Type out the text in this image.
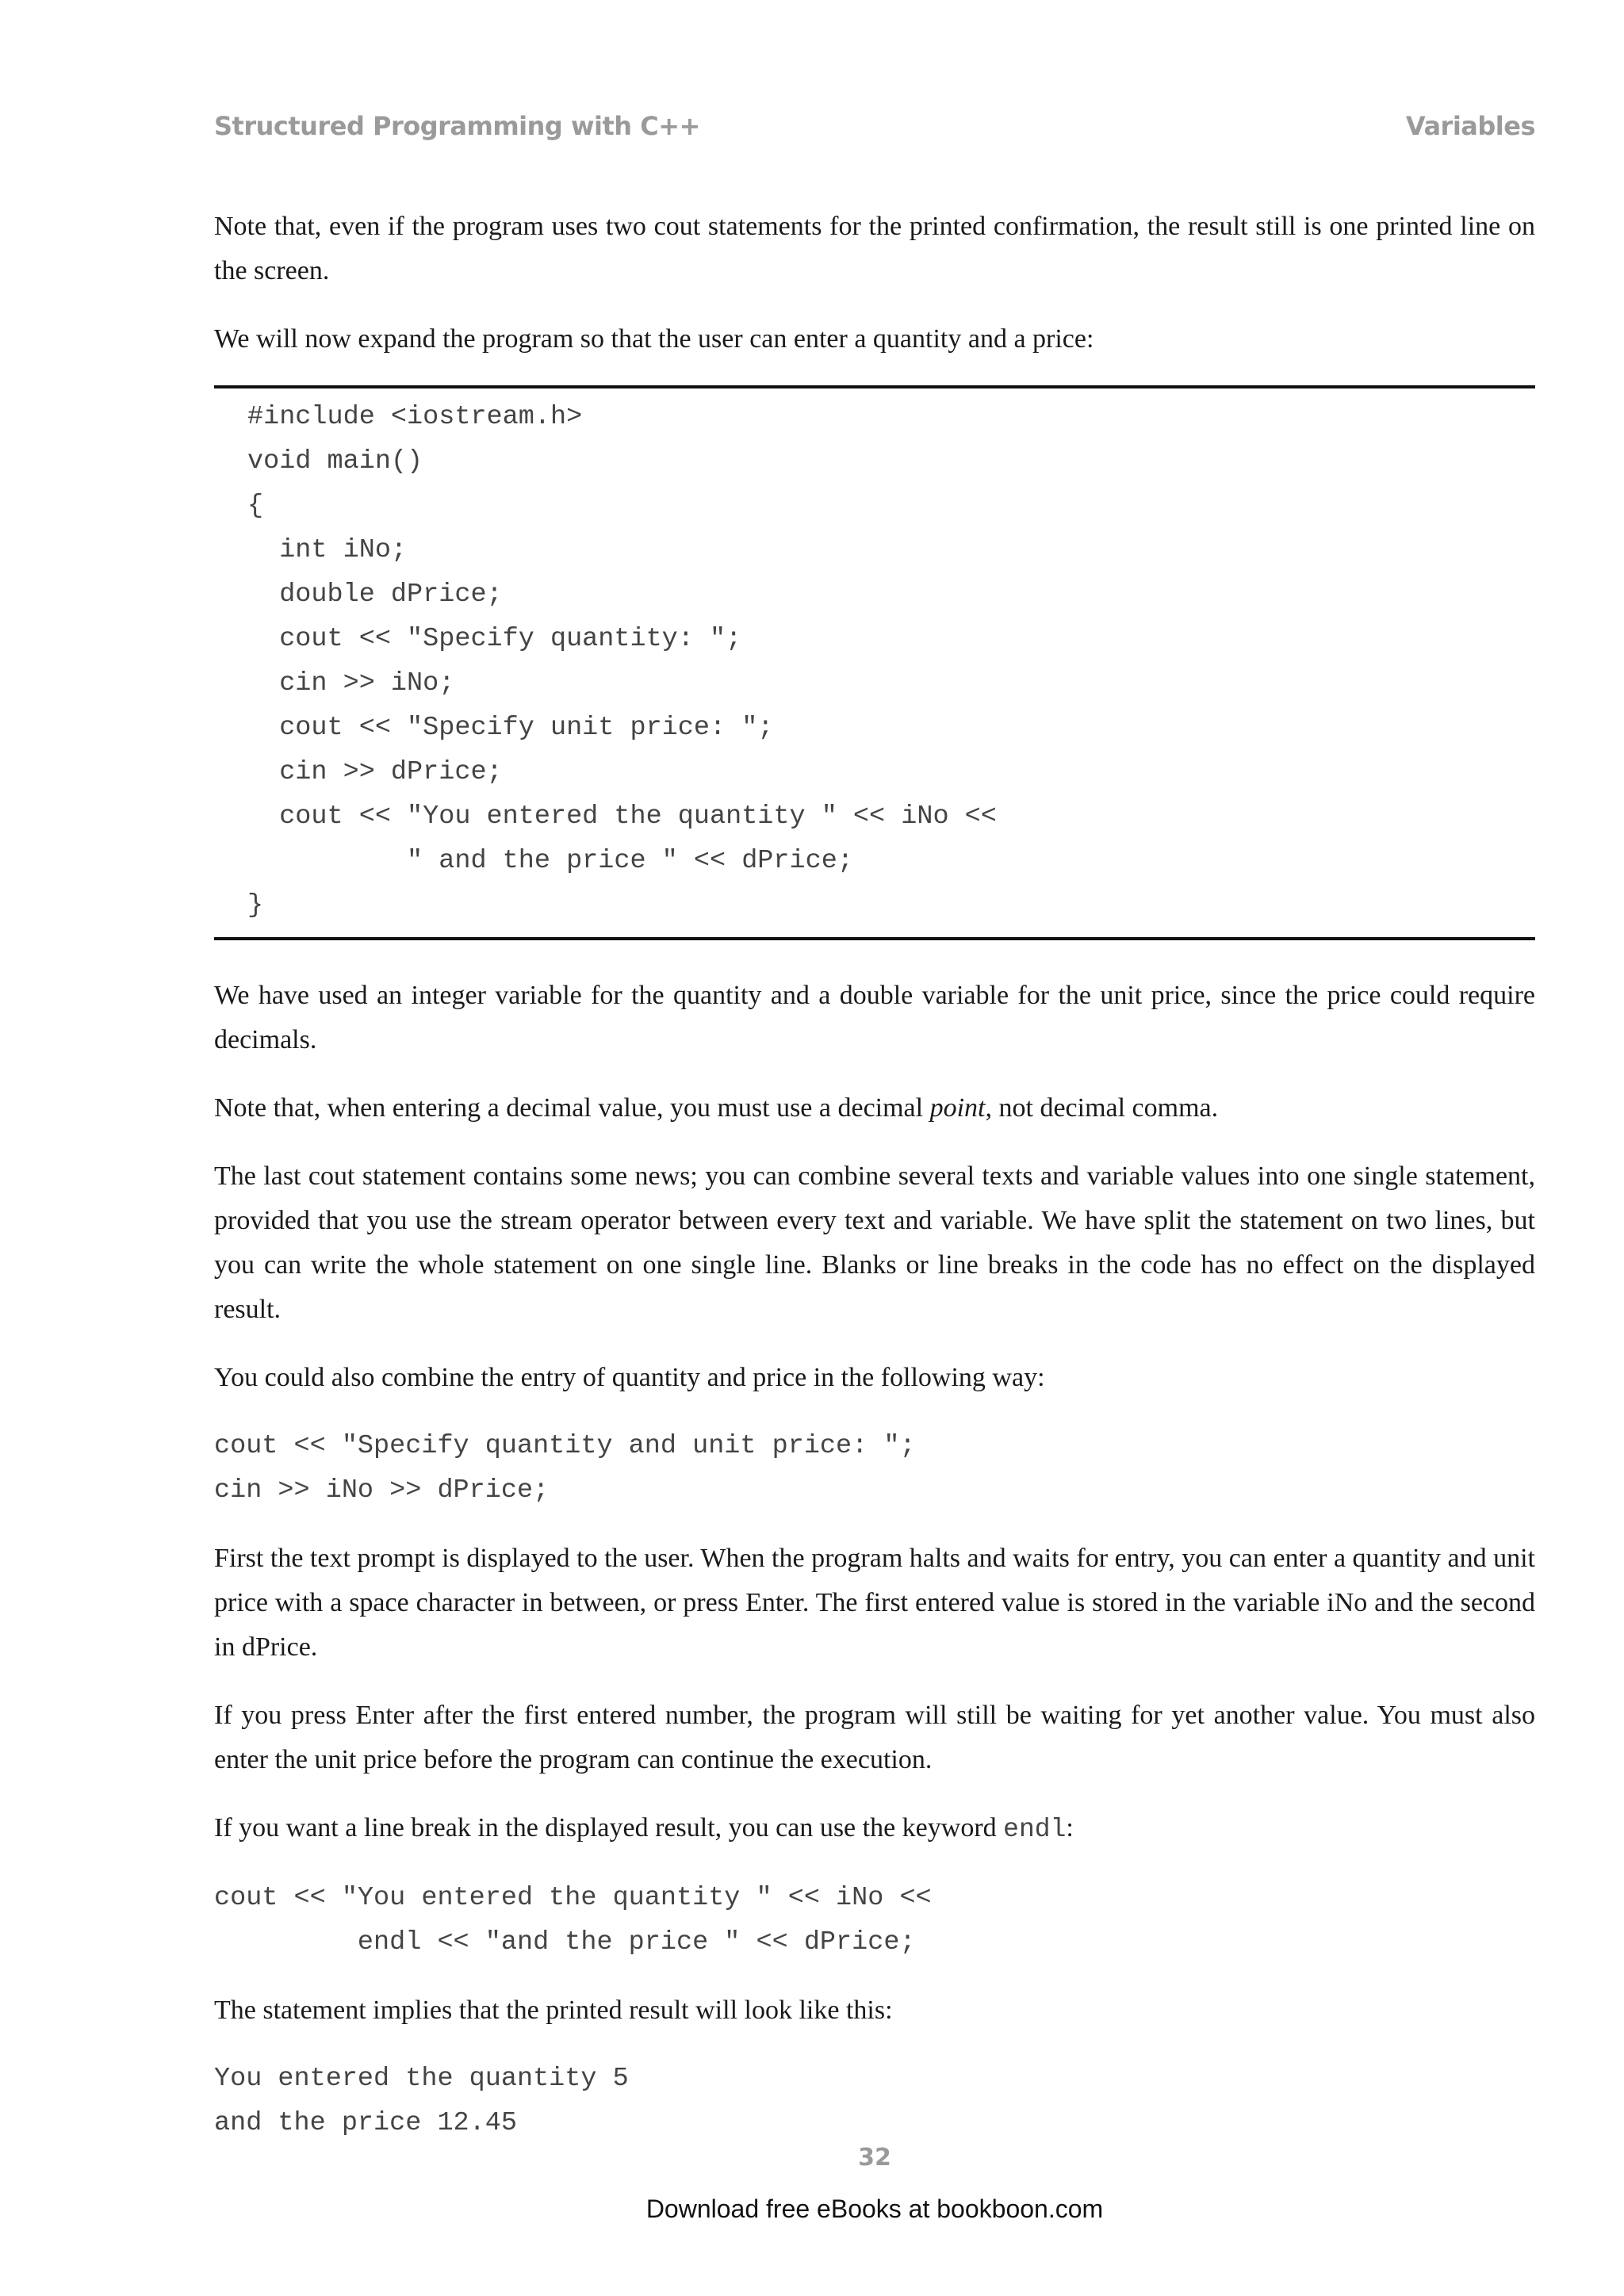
Structured Programming with C++	Variables

Note that, even if the program uses two cout statements for the printed confirmation, the result still is one printed line on the screen.

We will now expand the program so that the user can enter a quantity and a price:

#include <iostream.h>
void main()
{
int iNo;
double dPrice;
cout << "Specify quantity: ";
cin >> iNo;
cout << "Specify unit price: ";
cin >> dPrice;
cout << "You entered the quantity " << iNo <<
" and the price " << dPrice;
}

We have used an integer variable for the quantity and a double variable for the unit price, since the price could require decimals.

Note that, when entering a decimal value, you must use a decimal point, not decimal comma.

The last cout statement contains some news; you can combine several texts and variable values into one single statement, provided that you use the stream operator between every text and variable. We have split the statement on two lines, but you can write the whole statement on one single line. Blanks or line breaks in the code has no effect on the displayed result.

You could also combine the entry of quantity and price in the following way:

cout << "Specify quantity and unit price: ";
cin >> iNo >> dPrice;

First the text prompt is displayed to the user. When the program halts and waits for entry, you can enter a quantity and unit price with a space character in between, or press Enter. The first entered value is stored in the variable iNo and the second in dPrice.

If you press Enter after the first entered number, the program will still be waiting for yet another value. You must also enter the unit price before the program can continue the execution.

If you want a line break in the displayed result, you can use the keyword endl:

cout << "You entered the quantity " << iNo <<
endl << "and the price " << dPrice;

The statement implies that the printed result will look like this:

You entered the quantity 5
and the price 12.45
32
Download free eBooks at bookboon.com
